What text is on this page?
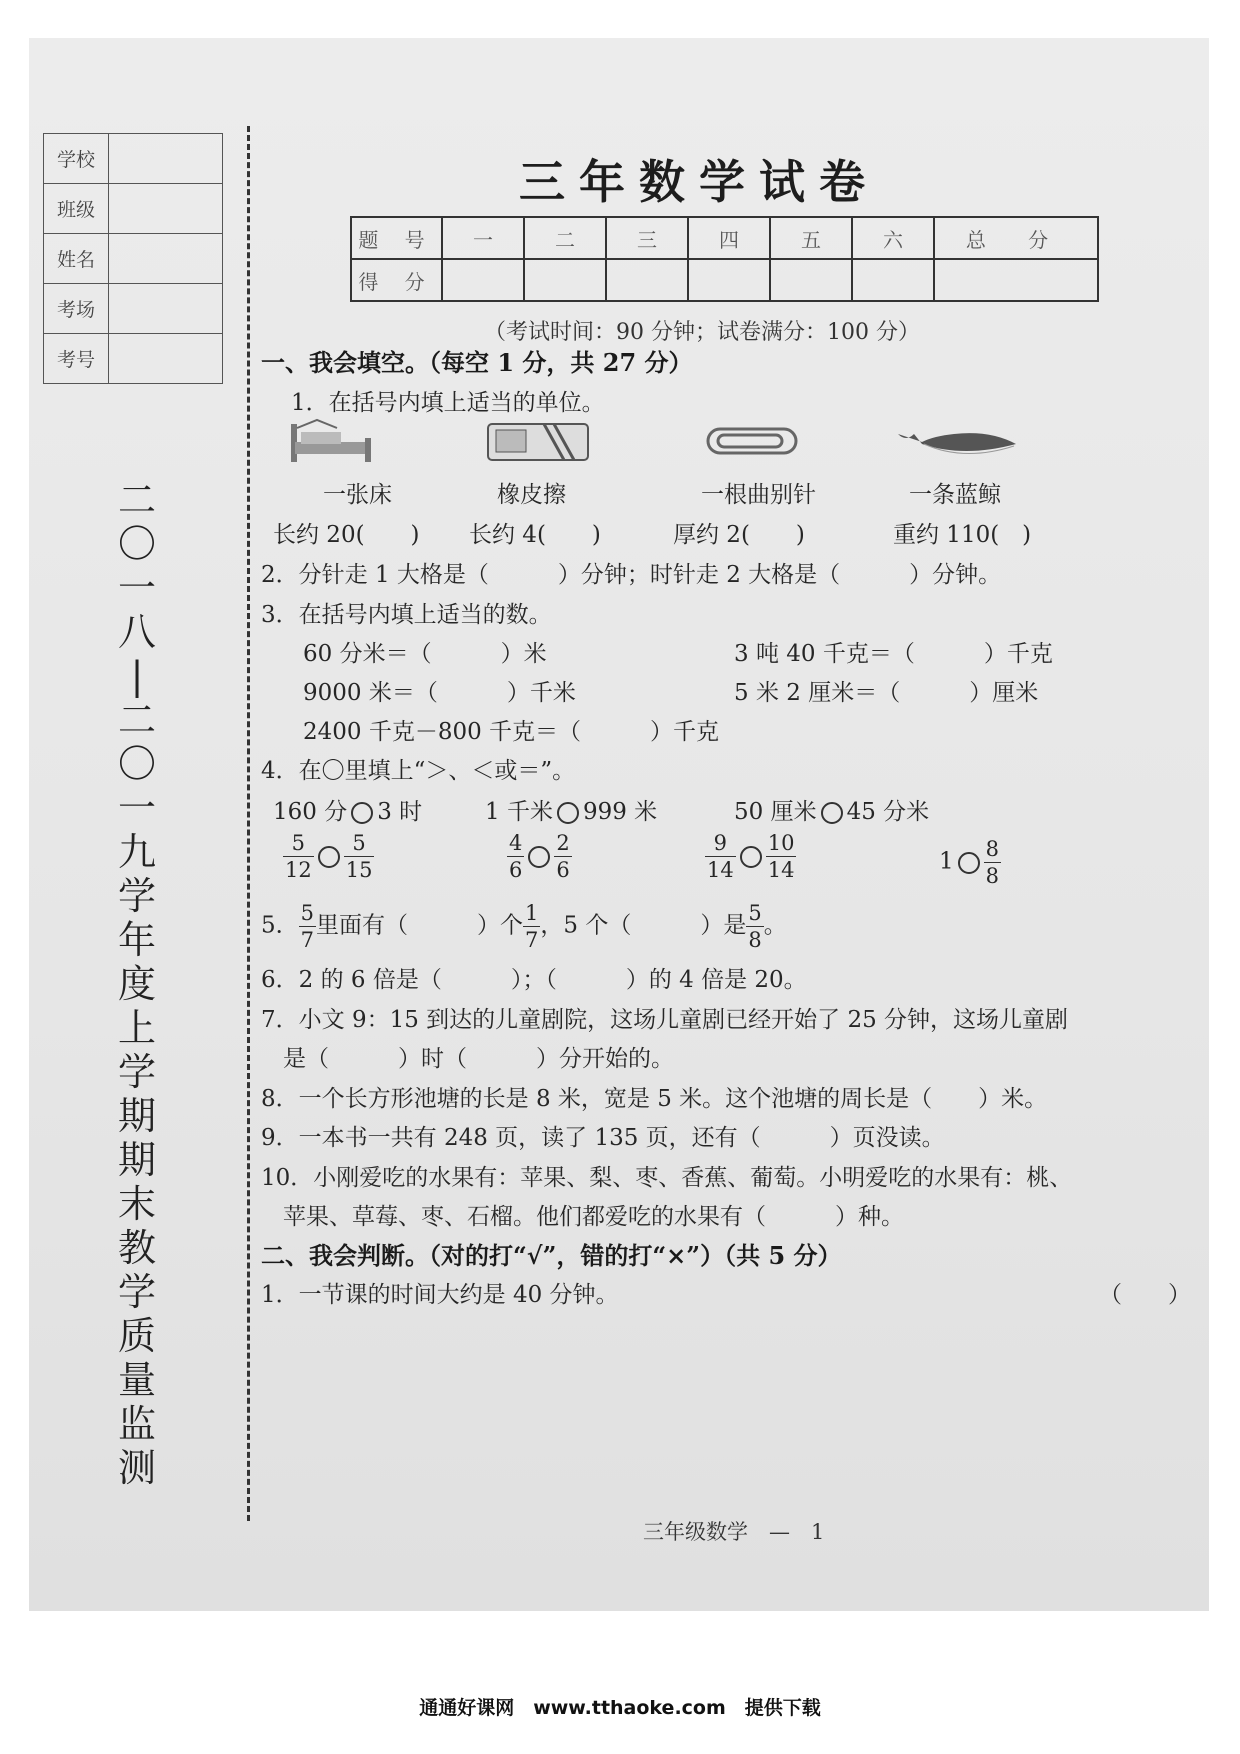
学校	
班级	
姓名	
考场	
考号	
二
〇
一
八
|
二
〇
一
九
学
年
度
上
学
期
期
末
教
学
质
量
监
测
三年数学试卷
题 号	一	二	三	四	五	六	总 分
得 分							
（考试时间：90 分钟；试卷满分：100 分）
一、我会填空。（每空 1 分，共 27 分）
1．在括号内填上适当的单位。
一张床	橡皮擦	一根曲别针	一条蓝鲸
长约 20(　　) 长约 4(　　)	厚约 2(　　)	重约 110(　)
2．分针走 1 大格是（　　　）分钟；时针走 2 大格是（　　　）分钟。
3．在括号内填上适当的数。
60 分米＝（　　　）米	3 吨 40 千克＝（　　　）千克
9000 米＝（　　　）千米	5 米 2 厘米＝（　　　）厘米
2400 千克－800 千克＝（　　　）千克
4．在〇里填上“＞、＜或＝”。
160 分 3 时	1 千米 999 米	50 厘米 45 分米
$\frac{5}{12} \frac{5}{15}$	$\frac{4}{6} \frac{2}{6}$	$\frac{9}{14} \frac{10}{14}$	$1 \frac{8}{8}$
5． $\frac{5}{7}$ 里面有（　　　）个 $\frac{1}{7}$ ，5 个（　　　）是 $\frac{5}{8}$ 。
6．2 的 6 倍是（　　　）；（　　　）的 4 倍是 20。
7．小文 9：15 到达的儿童剧院，这场儿童剧已经开始了 25 分钟，这场儿童剧
是（　　　）时（　　　）分开始的。
8．一个长方形池塘的长是 8 米，宽是 5 米。这个池塘的周长是（　　）米。
9．一本书一共有 248 页，读了 135 页，还有（　　　）页没读。
10．小刚爱吃的水果有：苹果、梨、枣、香蕉、葡萄。小明爱吃的水果有：桃、
苹果、草莓、枣、石榴。他们都爱吃的水果有（　　　）种。
二、我会判断。（对的打“√”，错的打“×”）（共 5 分）
1．一节课的时间大约是 40 分钟。	（　　）
三年级数学　—　1
通通好课网　www.tthaoke.com　提供下载
